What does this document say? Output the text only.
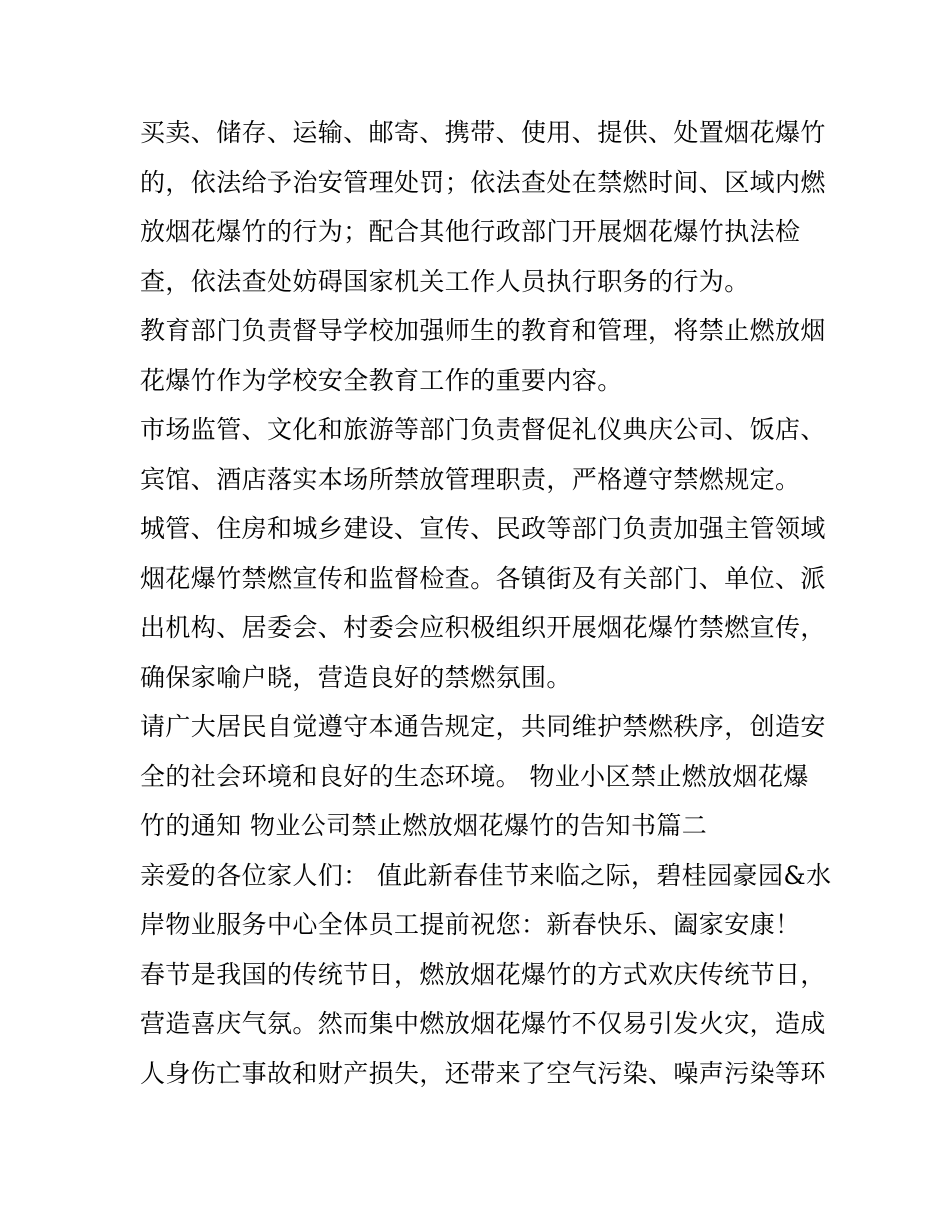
买卖、储存、运输、邮寄、携带、使用、提供、处置烟花爆竹
的，依法给予治安管理处罚；依法查处在禁燃时间、区域内燃
放烟花爆竹的行为；配合其他行政部门开展烟花爆竹执法检
查，依法查处妨碍国家机关工作人员执行职务的行为。
教育部门负责督导学校加强师生的教育和管理，将禁止燃放烟
花爆竹作为学校安全教育工作的重要内容。
市场监管、文化和旅游等部门负责督促礼仪典庆公司、饭店、
宾馆、酒店落实本场所禁放管理职责，严格遵守禁燃规定。
城管、住房和城乡建设、宣传、民政等部门负责加强主管领域
烟花爆竹禁燃宣传和监督检查。各镇街及有关部门、单位、派
出机构、居委会、村委会应积极组织开展烟花爆竹禁燃宣传，
确保家喻户晓，营造良好的禁燃氛围。
请广大居民自觉遵守本通告规定，共同维护禁燃秩序，创造安
全的社会环境和良好的生态环境。 物业小区禁止燃放烟花爆
竹的通知 物业公司禁止燃放烟花爆竹的告知书篇二
亲爱的各位家人们： 值此新春佳节来临之际，碧桂园豪园&水
岸物业服务中心全体员工提前祝您：新春快乐、阖家安康！
春节是我国的传统节日，燃放烟花爆竹的方式欢庆传统节日，
营造喜庆气氛。然而集中燃放烟花爆竹不仅易引发火灾，造成
人身伤亡事故和财产损失，还带来了空气污染、噪声污染等环
